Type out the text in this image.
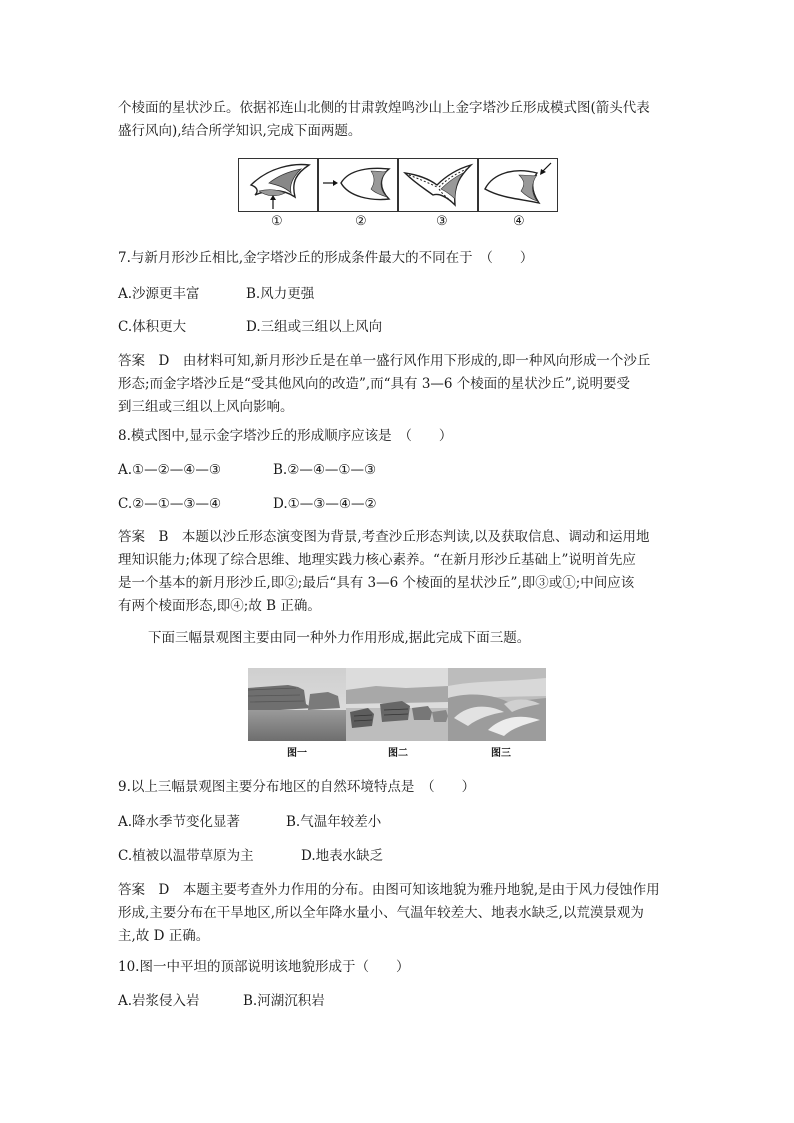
个棱面的星状沙丘。依据祁连山北侧的甘肃敦煌鸣沙山上金字塔沙丘形成模式图(箭头代表
盛行风向),结合所学知识,完成下面两题。
①	②	③	④
7.与新月形沙丘相比,金字塔沙丘的形成条件最大的不同在于　（　　）
A.沙源更丰富	B.风力更强
C.体积更大	D.三组或三组以上风向
答案　D　由材料可知,新月形沙丘是在单一盛行风作用下形成的,即一种风向形成一个沙丘
形态;而金字塔沙丘是“受其他风向的改造”,而“具有 3—6 个棱面的星状沙丘”,说明要受
到三组或三组以上风向影响。
8.模式图中,显示金字塔沙丘的形成顺序应该是　（　　）
A.①—②—④—③	B.②—④—①—③
C.②—①—③—④	D.①—③—④—②
答案　B　本题以沙丘形态演变图为背景,考查沙丘形态判读,以及获取信息、调动和运用地
理知识能力;体现了综合思维、地理实践力核心素养。“在新月形沙丘基础上”说明首先应
是一个基本的新月形沙丘,即②;最后“具有 3—6 个棱面的星状沙丘”,即③或①;中间应该
有两个棱面形态,即④;故 B 正确。
下面三幅景观图主要由同一种外力作用形成,据此完成下面三题。
图一	图二	图三
9.以上三幅景观图主要分布地区的自然环境特点是　（　　）
A.降水季节变化显著	B.气温年较差小
C.植被以温带草原为主	D.地表水缺乏
答案　D　本题主要考查外力作用的分布。由图可知该地貌为雅丹地貌,是由于风力侵蚀作用
形成,主要分布在干旱地区,所以全年降水量小、气温年较差大、地表水缺乏,以荒漠景观为
主,故 D 正确。
10.图一中平坦的顶部说明该地貌形成于（　　）
A.岩浆侵入岩	B.河湖沉积岩
